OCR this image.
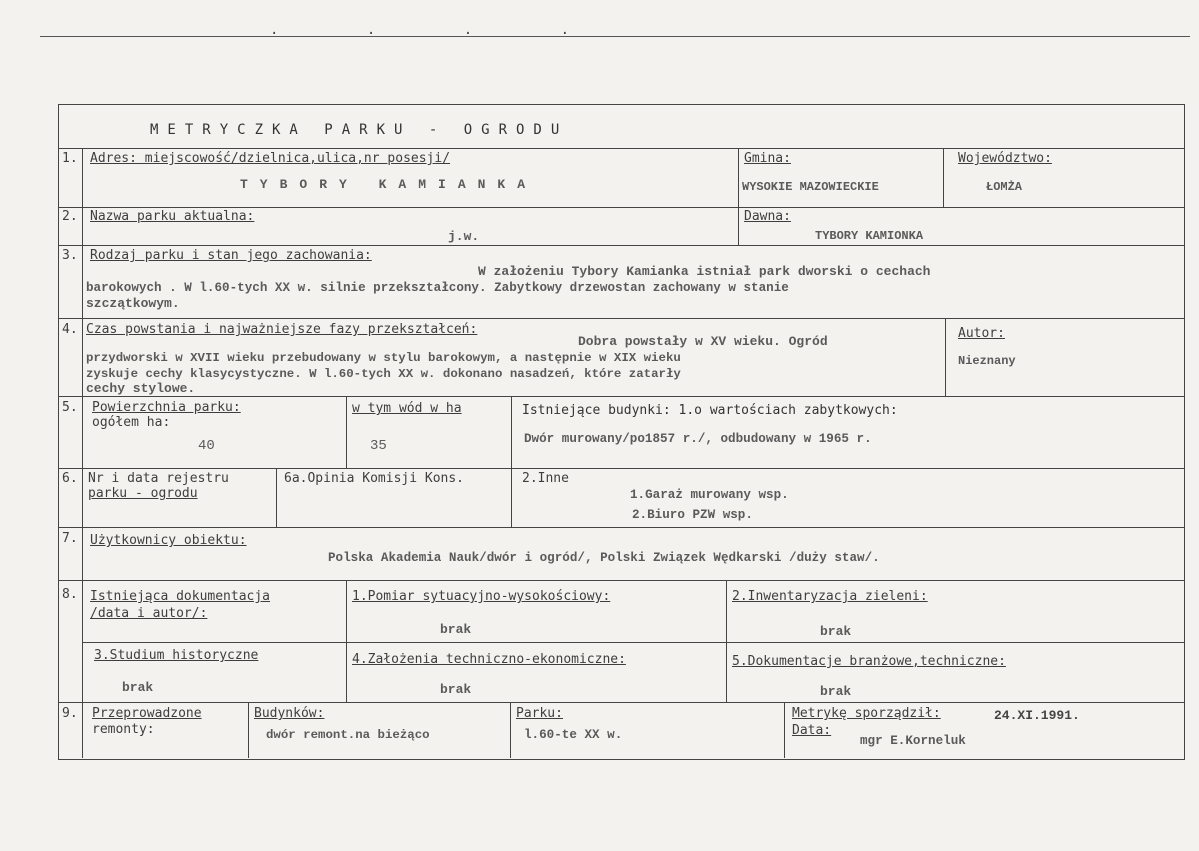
. . . .
METRYCZKA PARKU - OGRODU
1. Adres: miejscowość/dzielnica,ulica,nr posesji/
TYBORY KAMIANKA
Gmina:
WYSOKIE MAZOWIECKIE
Województwo:
ŁOMŻA
2. Nazwa parku aktualna:
j.w.
Dawna:
TYBORY KAMIONKA
3. Rodzaj parku i stan jego zachowania:
W założeniu Tybory Kamianka istniał park dworski o cechach
barokowych . W l.60-tych XX w. silnie przekształcony. Zabytkowy drzewostan zachowany w stanie
szczątkowym.
4. Czas powstania i najważniejsze fazy przekształceń:
Dobra powstały w XV wieku. Ogród
przydworski w XVII wieku przebudowany w stylu barokowym, a następnie w XIX wieku
zyskuje cechy klasycystyczne. W l.60-tych XX w. dokonano nasadzeń, które zatarły
cechy stylowe.
Autor:
Nieznany
5. Powierzchnia parku:
ogółem ha:
40
w tym wód w ha
35
Istniejące budynki: 1.o wartościach zabytkowych:
Dwór murowany/po1857 r./, odbudowany w 1965 r.
6. Nr i data rejestru
parku - ogrodu
6a.Opinia Komisji Kons.	2.Inne
1.Garaż murowany wsp.
2.Biuro PZW wsp.
7. Użytkownicy obiektu:
Polska Akademia Nauk/dwór i ogród/, Polski Związek Wędkarski /duży staw/.
8. Istniejąca dokumentacja
/data i autor/:
1.Pomiar sytuacyjno-wysokościowy:
brak
2.Inwentaryzacja zieleni:
brak
3.Studium historyczne
brak
4.Założenia techniczno-ekonomiczne:
brak
5.Dokumentacje branżowe,techniczne:
brak
9. Przeprowadzone
remonty:
Budynków:
dwór remont.na bieżąco
Parku:
l.60-te XX w.
Metrykę sporządził:	24.XI.1991.
Data:
mgr E.Korneluk
